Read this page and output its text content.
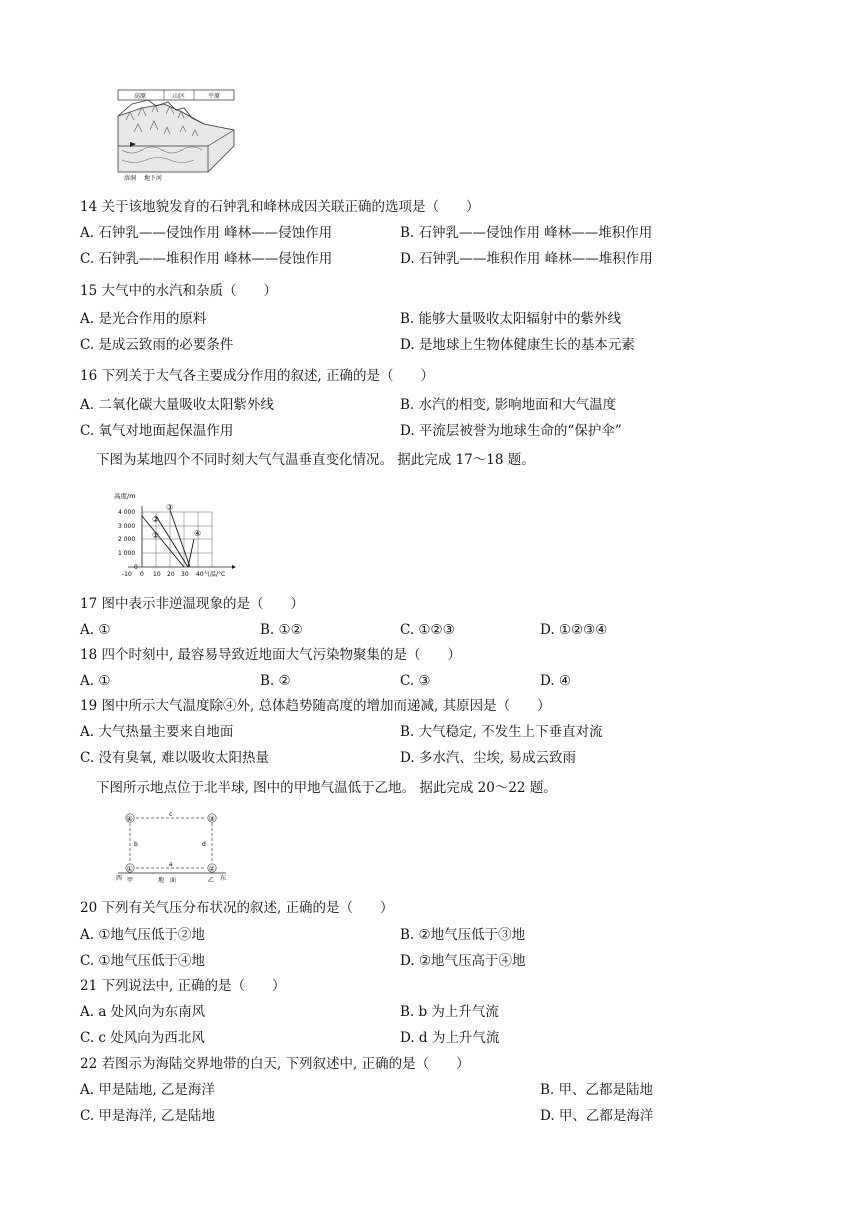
高原	山区	平原
溶洞 地下河
14 关于该地貌发育的石钟乳和峰林成因关联正确的选项是（　　）
A. 石钟乳——侵蚀作用 峰林——侵蚀作用	B. 石钟乳——侵蚀作用 峰林——堆积作用
C. 石钟乳——堆积作用 峰林——侵蚀作用	D. 石钟乳——堆积作用 峰林——堆积作用
15 大气中的水汽和杂质（　　）
A. 是光合作用的原料	B. 能够大量吸收太阳辐射中的紫外线
C. 是成云致雨的必要条件	D. 是地球上生物体健康生长的基本元素
16 下列关于大气各主要成分作用的叙述, 正确的是（　　）
A. 二氧化碳大量吸收太阳紫外线	B. 水汽的相变, 影响地面和大气温度
C. 氧气对地面起保温作用	D. 平流层被誉为地球生命的“保护伞”
下图为某地四个不同时刻大气气温垂直变化情况。 据此完成 17～18 题。
高度/m
4 000
3 000
2 000
1 000
0
-10 0 10 20 30 40 气温/°C
①
②
③
④
17 图中表示非逆温现象的是（　　）
A. ①	B. ①②	C. ①②③	D. ①②③④
18 四个时刻中, 最容易导致近地面大气污染物聚集的是（　　）
A. ①	B. ②	C. ③	D. ④
19 图中所示大气温度除④外, 总体趋势随高度的增加而递减, 其原因是（　　）
A. 大气热量主要来自地面	B. 大气稳定, 不发生上下垂直对流
C. 没有臭氧, 难以吸收太阳热量	D. 多水汽、尘埃, 易成云致雨
下图所示地点位于北半球, 图中的甲地气温低于乙地。 据此完成 20～22 题。
④	③
①	②
c
b	d
a
西 甲	地　面	乙 东
20 下列有关气压分布状况的叙述, 正确的是（　　）
A. ①地气压低于②地	B. ②地气压低于③地
C. ①地气压低于④地	D. ②地气压高于④地
21 下列说法中, 正确的是（　　）
A. a 处风向为东南风	B. b 为上升气流
C. c 处风向为西北风	D. d 为上升气流
22 若图示为海陆交界地带的白天, 下列叙述中, 正确的是（　　）
A. 甲是陆地, 乙是海洋	B. 甲、乙都是陆地
C. 甲是海洋, 乙是陆地	D. 甲、乙都是海洋
